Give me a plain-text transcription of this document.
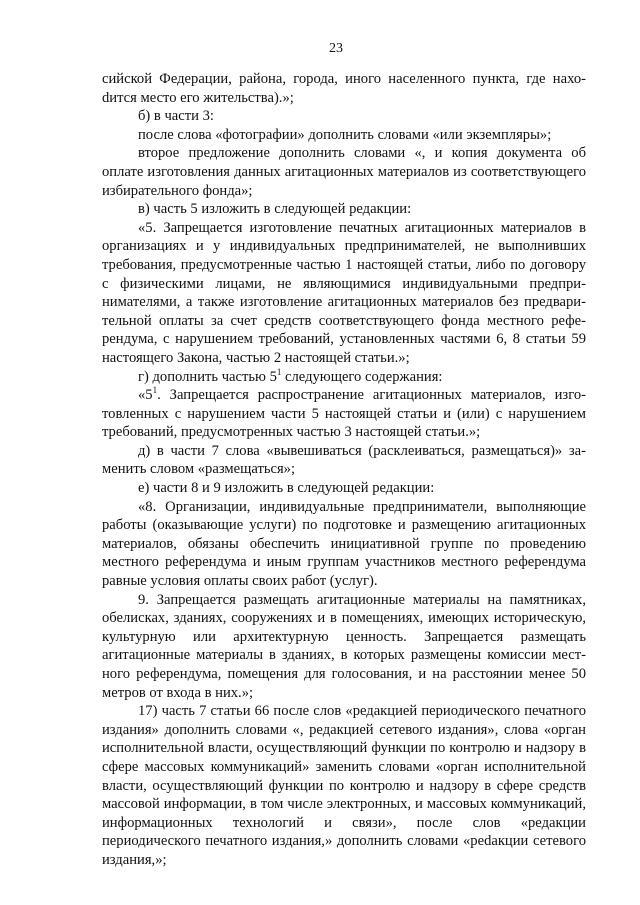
23

сийской Федерации, района, города, иного населенного пункта, где нахоdится место его жительства).»;

б) в части 3:

после слова «фотографии» дополнить словами «или экземпляры»;

второе предложение дополнить словами «, и копия документа об оплате изготовления данных агитационных материалов из соответствующего избирательного фонда»;

в) часть 5 изложить в следующей редакции:

«5. Запрещается изготовление печатных агитационных материалов в организациях и у индивидуальных предпринимателей, не выполнивших требования, предусмотренные частью 1 настоящей статьи, либо по договору с физическими лицами, не являющимися индивидуальными предпринимателями, а также изготовление агитационных материалов без предварительной оплаты за счет средств соответствующего фонда местного референдума, с нарушением требований, установленных частями 6, 8 статьи 59 настоящего Закона, частью 2 настоящей статьи.»;

г) дополнить частью $5^1$ следующего содержания:

«$5^1$. Запрещается распространение агитационных материалов, изготовленных с нарушением части 5 настоящей статьи и (или) с нарушением требований, предусмотренных частью 3 настоящей статьи.»;

д) в части 7 слова «вывешиваться (расклеиваться, размещаться)» заменить словом «размещаться»;

е) части 8 и 9 изложить в следующей редакции:

«8. Организации, индивидуальные предприниматели, выполняющие работы (оказывающие услуги) по подготовке и размещению агитационных материалов, обязаны обеспечить инициативной группе по проведению местного референдума и иным группам участников местного референдума равные условия оплаты своих работ (услуг).

9. Запрещается размещать агитационные материалы на памятниках, обелисках, зданиях, сооружениях и в помещениях, имеющих историческую, культурную или архитектурную ценность. Запрещается размещать агитационные материалы в зданиях, в которых размещены комиссии местного референдума, помещения для голосования, и на расстоянии менее 50 метров от входа в них.»;

17) часть 7 статьи 66 после слов «редакцией периодического печатного издания» дополнить словами «, редакцией сетевого издания», слова «орган исполнительной власти, осуществляющий функции по контролю и надзору в сфере массовых коммуникаций» заменить словами «орган исполнительной власти, осуществляющий функции по контролю и надзору в сфере средств массовой информации, в том числе электронных, и массовых коммуникаций, информационных технологий и связи», после слов «редакции периодического печатного издания,» дополнить словами «реdакции сетевого издания,»;
